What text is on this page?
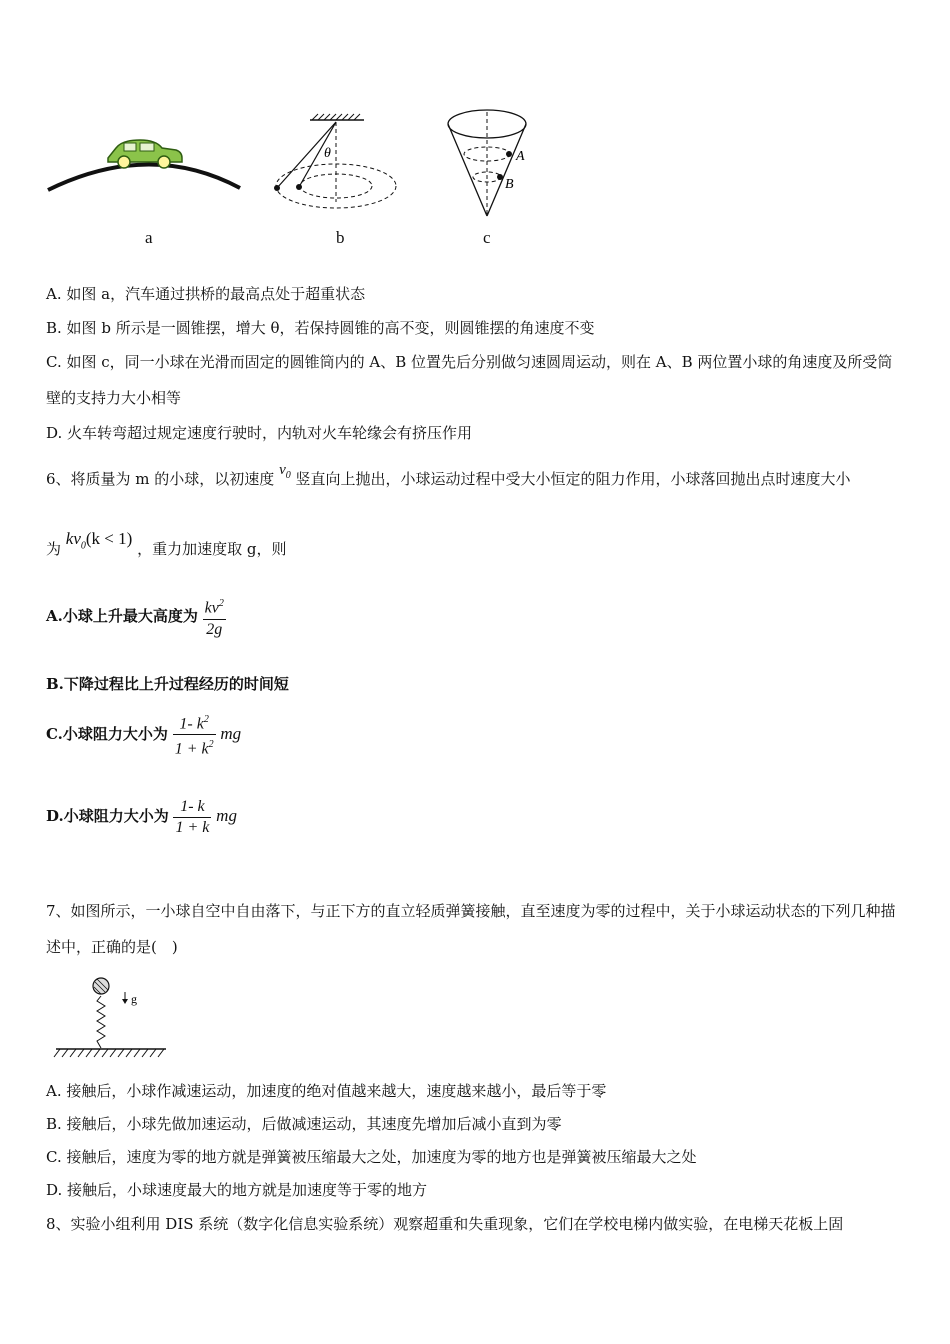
a
θ
b
A
B
c
A. 如图 a，汽车通过拱桥的最高点处于超重状态
B. 如图 b 所示是一圆锥摆，增大 θ，若保持圆锥的高不变，则圆锥摆的角速度不变
C. 如图 c，同一小球在光滑而固定的圆锥筒内的 A、B 位置先后分别做匀速圆周运动，则在 A、B 两位置小球的角速度及所受筒壁的支持力大小相等
D. 火车转弯超过规定速度行驶时，内轨对火车轮缘会有挤压作用
6、将质量为 m 的小球，以初速度 $v_0$ 竖直向上抛出，小球运动过程中受大小恒定的阻力作用，小球落回抛出点时速度大小
为 $kv_0(k < 1)$ ，重力加速度取 g，则
A.小球上升最大高度为 $\frac{kv^2}{2g}$
B.下降过程比上升过程经历的时间短
C.小球阻力大小为 $\frac{1- k^2}{1 + k^2}$ mg
D.小球阻力大小为 $\frac{1- k}{1 + k}$ mg
7、如图所示，一小球自空中自由落下，与正下方的直立轻质弹簧接触，直至速度为零的过程中，关于小球运动状态的下列几种描述中，正确的是(　)
g
A. 接触后，小球作减速运动，加速度的绝对值越来越大，速度越来越小，最后等于零
B. 接触后，小球先做加速运动，后做减速运动，其速度先增加后减小直到为零
C. 接触后，速度为零的地方就是弹簧被压缩最大之处，加速度为零的地方也是弹簧被压缩最大之处
D. 接触后，小球速度最大的地方就是加速度等于零的地方
8、实验小组利用 DIS 系统（数字化信息实验系统）观察超重和失重现象，它们在学校电梯内做实验，在电梯天花板上固
